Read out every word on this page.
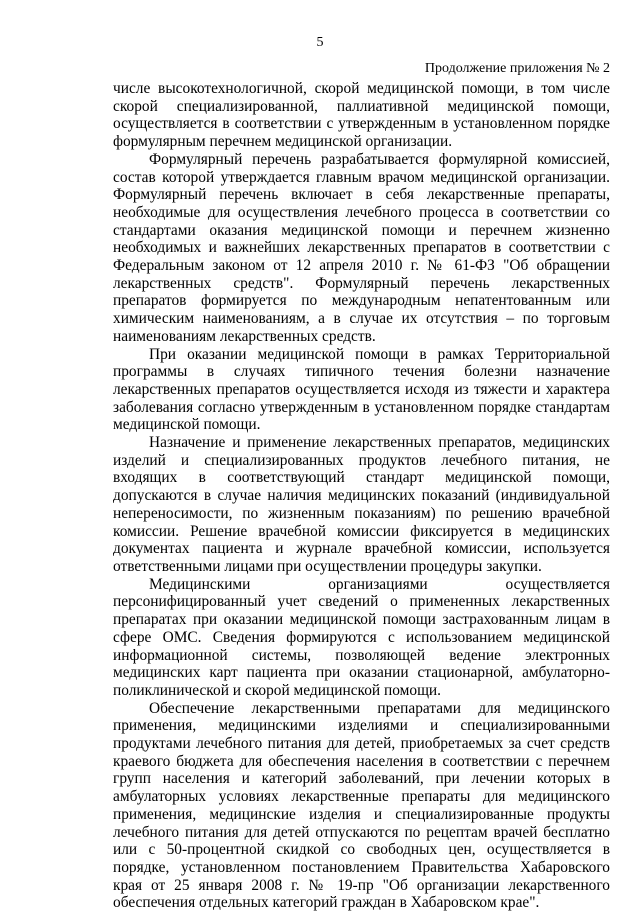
5
Продолжение приложения № 2

числе высокотехнологичной, скорой медицинской помощи, в том числе скорой специализированной, паллиативной медицинской помощи, осуществляется в соответствии с утвержденным в установленном порядке формулярным перечнем медицинской организации.

Формулярный перечень разрабатывается формулярной комиссией, состав которой утверждается главным врачом медицинской организации. Формулярный перечень включает в себя лекарственные препараты, необходимые для осуществления лечебного процесса в соответствии со стандартами оказания медицинской помощи и перечнем жизненно необходимых и важнейших лекарственных препаратов в соответствии с Федеральным законом от 12 апреля 2010 г. № 61-ФЗ "Об обращении лекарственных средств". Формулярный перечень лекарственных препаратов формируется по международным непатентованным или химическим наименованиям, а в случае их отсутствия – по торговым наименованиям лекарственных средств.

При оказании медицинской помощи в рамках Территориальной программы в случаях типичного течения болезни назначение лекарственных препаратов осуществляется исходя из тяжести и характера заболевания согласно утвержденным в установленном порядке стандартам медицинской помощи.

Назначение и применение лекарственных препаратов, медицинских изделий и специализированных продуктов лечебного питания, не входящих в соответствующий стандарт медицинской помощи, допускаются в случае наличия медицинских показаний (индивидуальной непереносимости, по жизненным показаниям) по решению врачебной комиссии. Решение врачебной комиссии фиксируется в медицинских документах пациента и журнале врачебной комиссии, используется ответственными лицами при осуществлении процедуры закупки.

Медицинскими организациями осуществляется персонифицированный учет сведений о примененных лекарственных препаратах при оказании медицинской помощи застрахованным лицам в сфере ОМС. Сведения формируются с использованием медицинской информационной системы, позволяющей ведение электронных медицинских карт пациента при оказании стационарной, амбулаторно-поликлинической и скорой медицинской помощи.

Обеспечение лекарственными препаратами для медицинского применения, медицинскими изделиями и специализированными продуктами лечебного питания для детей, приобретаемых за счет средств краевого бюджета для обеспечения населения в соответствии с перечнем групп населения и категорий заболеваний, при лечении которых в амбулаторных условиях лекарственные препараты для медицинского применения, медицинские изделия и специализированные продукты лечебного питания для детей отпускаются по рецептам врачей бесплатно или с 50-процентной скидкой со свободных цен, осуществляется в порядке, установленном постановлением Правительства Хабаровского края от 25 января 2008 г. № 19-пр "Об организации лекарственного обеспечения отдельных категорий граждан в Хабаровском крае".
